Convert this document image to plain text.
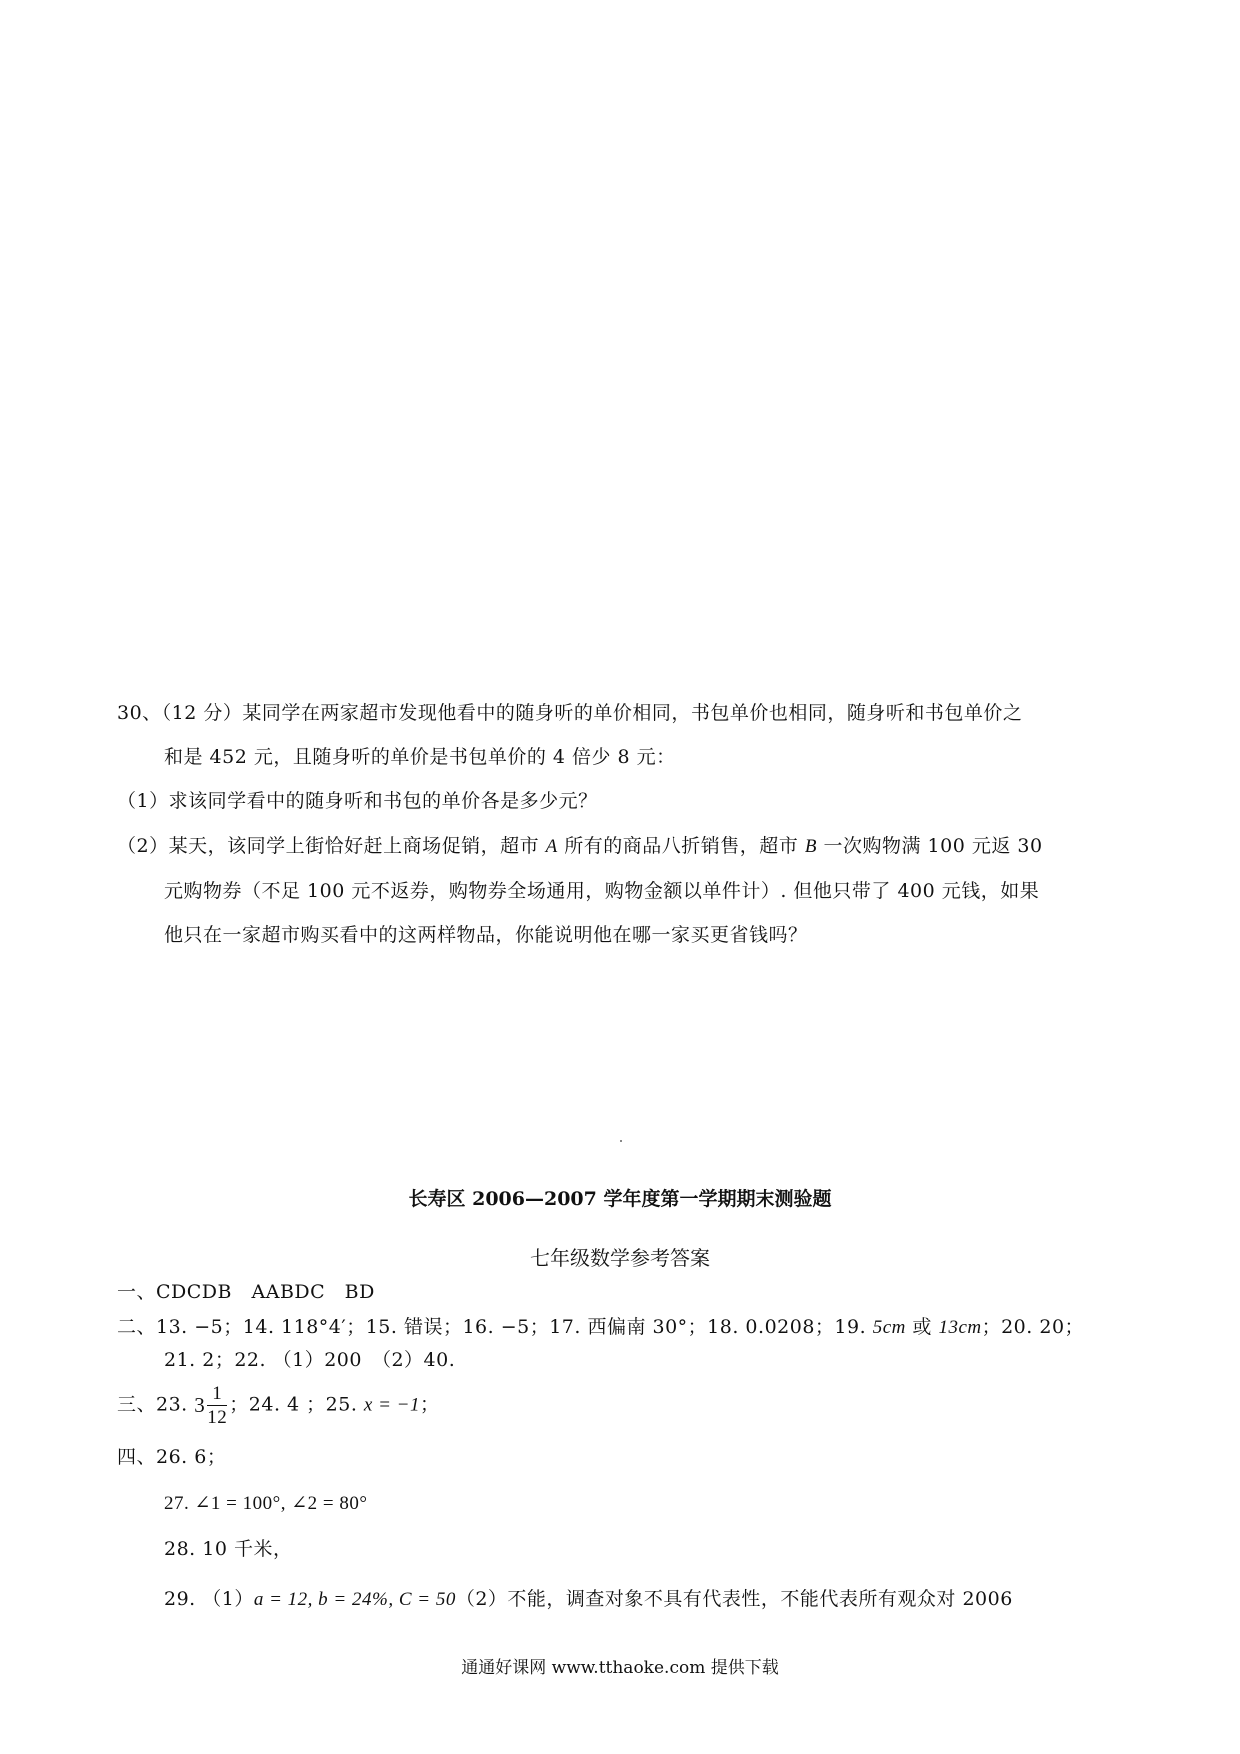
30、（12 分）某同学在两家超市发现他看中的随身听的单价相同，书包单价也相同，随身听和书包单价之
和是 452 元，且随身听的单价是书包单价的 4 倍少 8 元：
（1）求该同学看中的随身听和书包的单价各是多少元？
（2）某天，该同学上街恰好赶上商场促销，超市 A 所有的商品八折销售，超市 B 一次购物满 100 元返 30
元购物券（不足 100 元不返券，购物券全场通用，购物金额以单件计）. 但他只带了 400 元钱，如果
他只在一家超市购买看中的这两样物品，你能说明他在哪一家买更省钱吗？
长寿区 2006—2007 学年度第一学期期末测验题
七年级数学参考答案
一、CDCDB　AABDC　BD
二、13. −5；14. 118°4′；15. 错误；16. −5；17. 西偏南 30°；18. 0.0208；19. 5cm 或 13cm；20. 20；
21. 2；22. （1）200　（2）40.
三、23. $3 \frac{1}{12}$ ；24. 4 ；25. x = −1；
四、26. 6；
27. ∠1 = 100°, ∠2 = 80°
28. 10 千米，
29. （1）a = 12, b = 24%, C = 50（2）不能，调查对象不具有代表性，不能代表所有观众对 2006
通通好课网 www.tthaoke.com 提供下载
